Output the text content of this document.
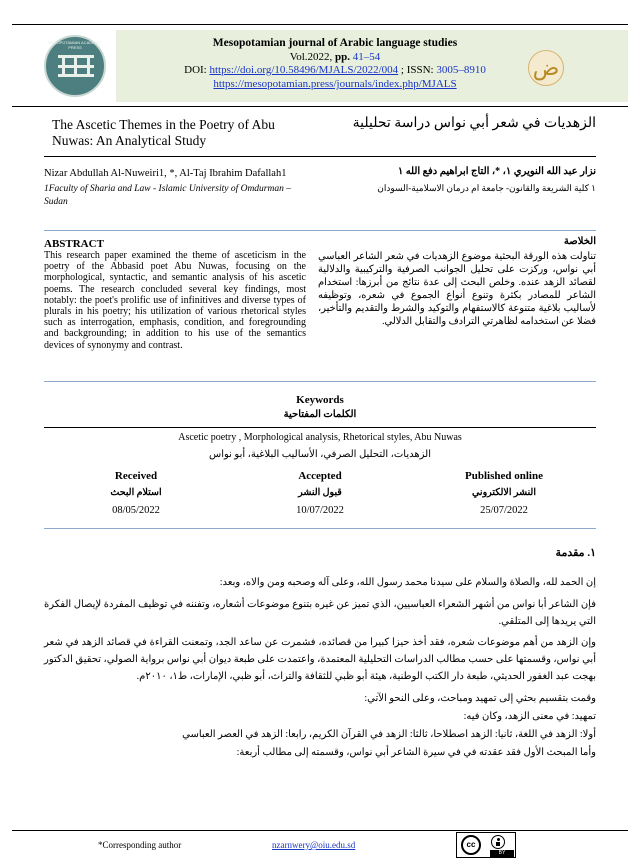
MESOPOTAMIAN ACADEMIC PRESS
ض
Mesopotamian journal of Arabic language studies
Vol.2022, pp. 41–54
DOI: https://doi.org/10.58496/MJALS/2022/004 ; ISSN: 3005–8910
https://mesopotamian.press/journals/index.php/MJALS
The Ascetic Themes in the Poetry of Abu Nuwas: An Analytical Study
الزهديات في شعر أبي نواس دراسة تحليلية
Nizar Abdullah Al-Nuweiri1, *, Al-Taj Ibrahim Dafallah1
1Faculty of Sharia and Law - Islamic University of Omdurman – Sudan
نزار عبد الله النويري ١، *، التاج ابراهيم دفع الله ١
١ كلية الشريعة والقانون- جامعة ام درمان الاسلامية-السودان
ABSTRACT
This research paper examined the theme of asceticism in the poetry of the Abbasid poet Abu Nuwas, focusing on the morphological, syntactic, and semantic analysis of his ascetic poems. The research concluded several key findings, most notably: the poet's prolific use of infinitives and diverse types of plurals in his poetry; his utilization of various rhetorical styles such as interrogation, emphasis, condition, and foregrounding and backgrounding; in addition to his use of the semantics devices of synonymy and contrast.
الخلاصة
تناولت هذه الورقة البحثية موضوع الزهديات في شعر الشاعر العباسي أبي نواس، وركزت على تحليل الجوانب الصرفية والتركيبية والدلالية لقصائد الزهد عنده. وخلص البحث إلى عدة نتائج من أبرزها: استخدام الشاعر للمصادر بكثرة وتنوع أنواع الجموع في شعره، وتوظيفه لأساليب بلاغية متنوعة كالاستفهام والتوكيد والشرط والتقديم والتأخير، فضلا عن استخدامه لظاهرتي الترادف والتقابل الدلالي.
Keywords
الكلمات المفتاحية
Ascetic poetry , Morphological analysis, Rhetorical styles, Abu Nuwas
الزهديات، التحليل الصرفي، الأساليب البلاغية، أبو نواس
Received
استلام البحث
08/05/2022
Accepted
قبول النشر
10/07/2022
Published online
النشر الالكتروني
25/07/2022
١. مقدمة
إن الحمد لله، والصلاة والسلام على سيدنا محمد رسول الله، وعلى آله وصحبه ومن والاه، وبعد:
فإن الشاعر أبا نواس من أشهر الشعراء العباسيين، الذي تميز عن غيره بتنوع موضوعات أشعاره، وتفننه في توظيف المفردة لإيصال الفكرة التي يريدها إلى المتلقي.
وإن الزهد من أهم موضوعات شعره، فقد أخذ حيزا كبيرا من قصائده، فشمرت عن ساعد الجد، وتمعنت القراءة في قصائد الزهد في شعر أبي نواس، وقسمتها على حسب مطالب الدراسات التحليلية المعتمدة، واعتمدت على طبعة ديوان أبي نواس برواية الصولي، تحقيق الدكتور بهجت عبد الغفور الحديثي، طبعة دار الكتب الوطنية، هيئة أبو ظبي للثقافة والتراث، أبو ظبي، الإمارات، ط١، ٢٠١٠م.
وقمت بتقسيم بحثي إلى تمهيد ومباحث، وعلى النحو الآتي:
تمهيد: في معنى الزهد، وكان فيه:
أولا: الزهد في اللغة، ثانيا: الزهد اصطلاحا، ثالثا: الزهد في القرآن الكريم، رابعا: الزهد في العصر العباسي
وأما المبحث الأول فقد عقدته في في سيرة الشاعر أبي نواس، وقسمته إلى مطالب أربعة:
*Corresponding author	nzarnwery@oiu.edu.sd	cc
BY
